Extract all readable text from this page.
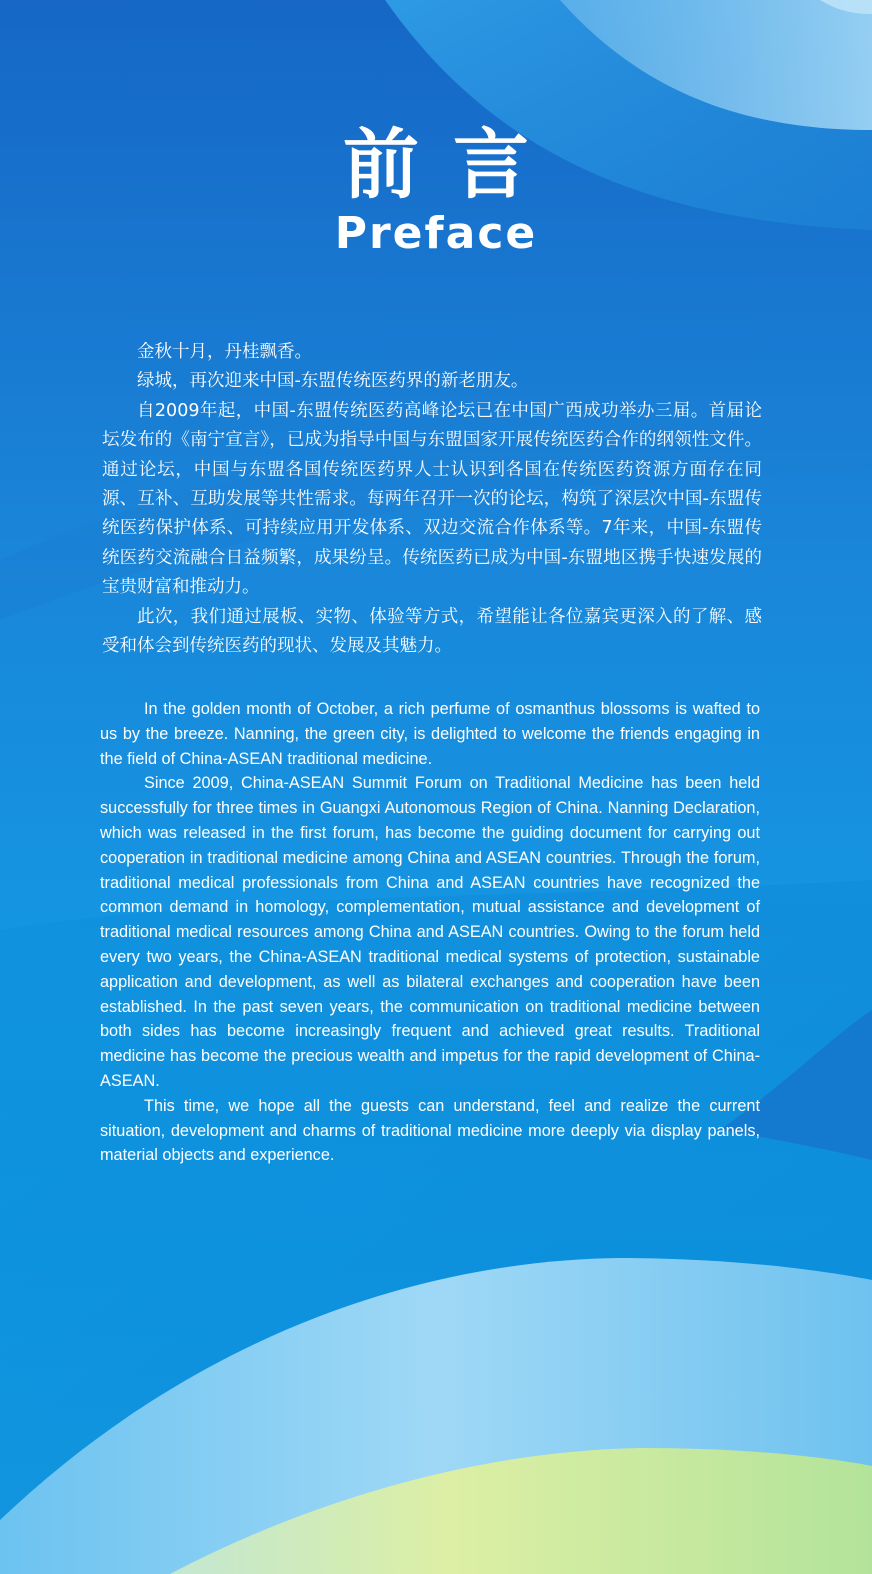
前言
Preface

金秋十月，丹桂飘香。

绿城，再次迎来中国-东盟传统医药界的新老朋友。

自2009年起，中国-东盟传统医药高峰论坛已在中国广西成功举办三届。首届论坛发布的《南宁宣言》，已成为指导中国与东盟国家开展传统医药合作的纲领性文件。通过论坛，中国与东盟各国传统医药界人士认识到各国在传统医药资源方面存在同源、互补、互助发展等共性需求。每两年召开一次的论坛，构筑了深层次中国-东盟传统医药保护体系、可持续应用开发体系、双边交流合作体系等。7年来，中国-东盟传统医药交流融合日益频繁，成果纷呈。传统医药已成为中国-东盟地区携手快速发展的宝贵财富和推动力。

此次，我们通过展板、实物、体验等方式，希望能让各位嘉宾更深入的了解、感受和体会到传统医药的现状、发展及其魅力。

In the golden month of October, a rich perfume of osmanthus blossoms is wafted to us by the breeze. Nanning, the green city, is delighted to welcome the friends engaging in the field of China-ASEAN traditional medicine.

Since 2009, China-ASEAN Summit Forum on Traditional Medicine has been held successfully for three times in Guangxi Autonomous Region of China. Nanning Declaration, which was released in the first forum, has become the guiding document for carrying out cooperation in traditional medicine among China and ASEAN countries. Through the forum, traditional medical professionals from China and ASEAN countries have recognized the common demand in homology, complementation, mutual assistance and development of traditional medical resources among China and ASEAN countries. Owing to the forum held every two years, the China-ASEAN traditional medical systems of protection, sustainable application and development, as well as bilateral exchanges and cooperation have been established. In the past seven years, the communication on traditional medicine between both sides has become increasingly frequent and achieved great results. Traditional medicine has become the precious wealth and impetus for the rapid development of China-ASEAN.

This time, we hope all the guests can understand, feel and realize the current situation, development and charms of traditional medicine more deeply via display panels, material objects and experience.
